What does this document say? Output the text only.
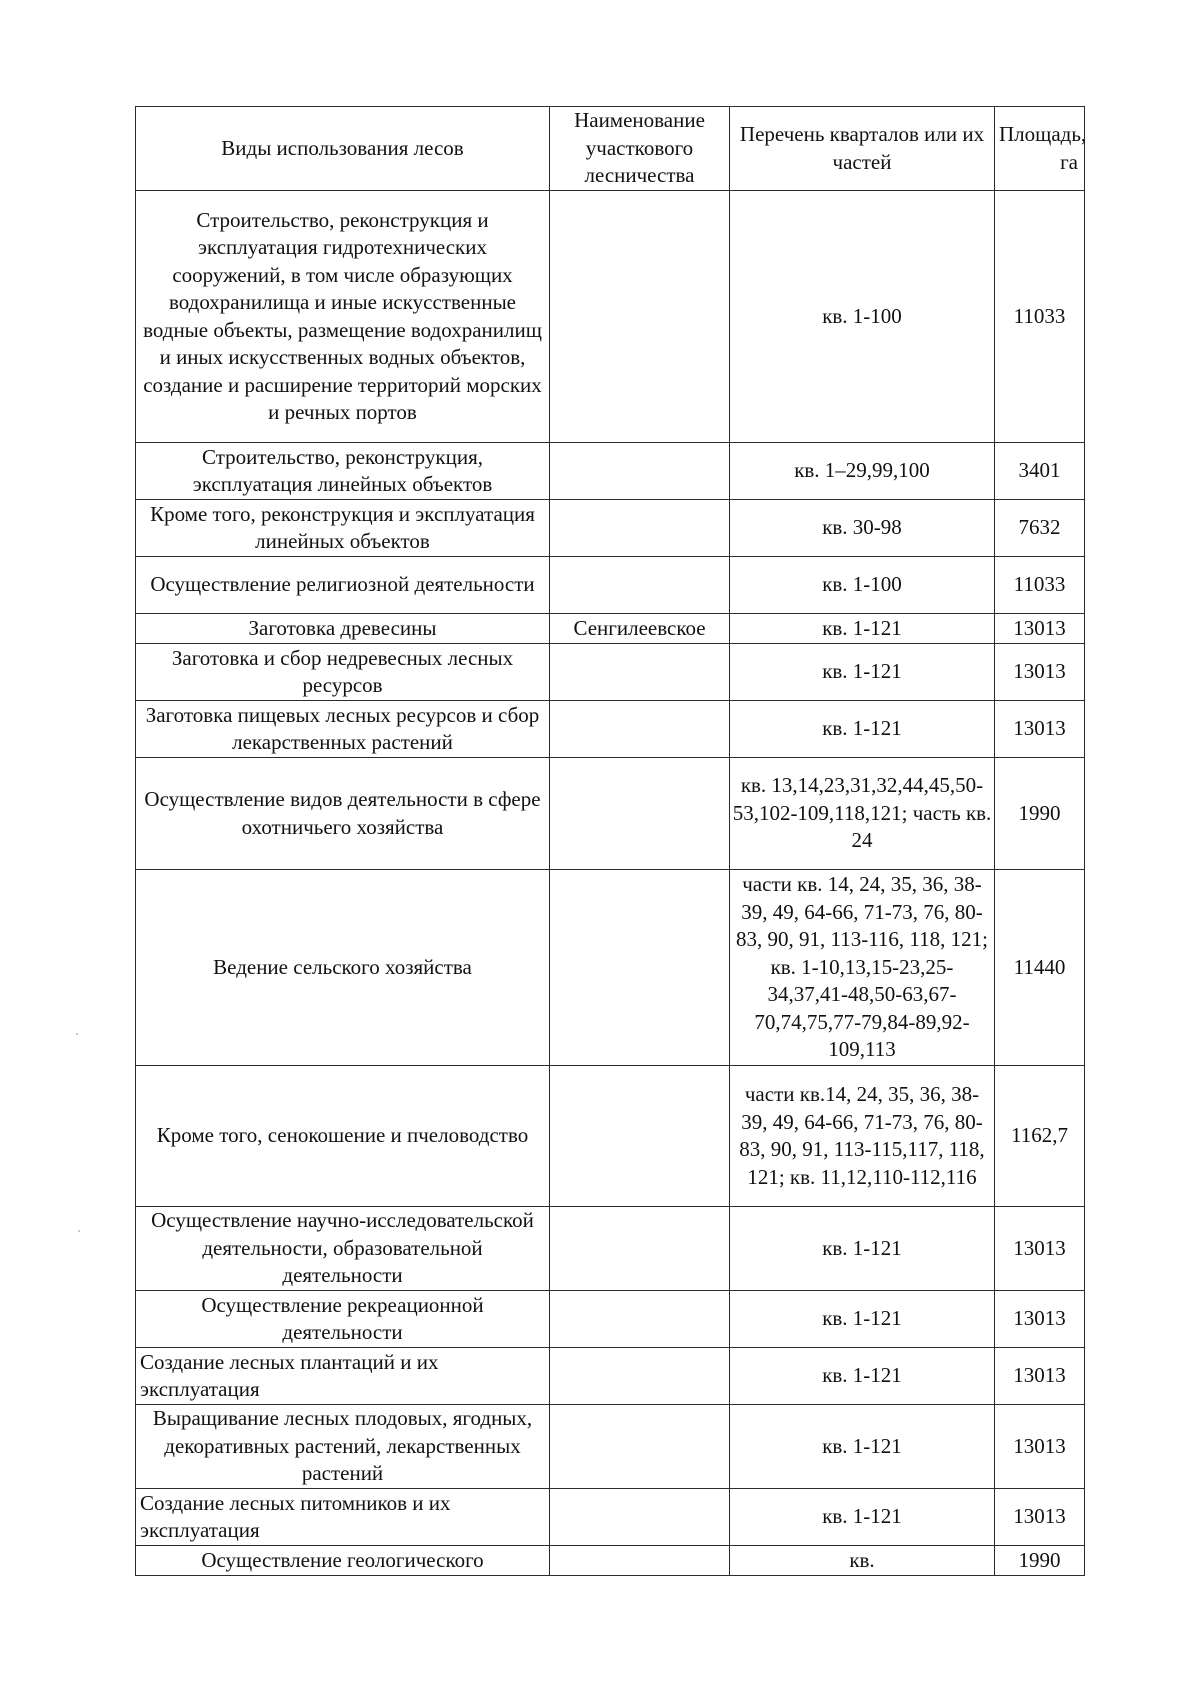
Виды использования лесов	Наименование участкового лесничества	Перечень кварталов или их частей	Площадь, га
Строительство, реконструкция и эксплуатация гидротехнических сооружений, в том числе образующих водохранилища и иные искусственные водные объекты, размещение водохранилищ и иных искусственных водных объектов, создание и расширение территорий морских и речных портов		кв. 1-100	11033
Строительство, реконструкция, эксплуатация линейных объектов		кв. 1–29,99,100	3401
Кроме того, реконструкция и эксплуатация линейных объектов		кв. 30-98	7632
Осуществление религиозной деятельности		кв. 1-100	11033
Заготовка древесины	Сенгилеевское	кв. 1-121	13013
Заготовка и сбор недревесных лесных ресурсов		кв. 1-121	13013
Заготовка пищевых лесных ресурсов и сбор лекарственных растений		кв. 1-121	13013
Осуществление видов деятельности в сфере охотничьего хозяйства		кв. 13,14,23,31,32,44,45,50-53,102-109,118,121; часть кв. 24	1990
Ведение сельского хозяйства		части кв. 14, 24, 35, 36, 38-39, 49, 64-66, 71-73, 76, 80-83, 90, 91, 113-116, 118, 121; кв. 1-10,13,15-23,25-34,37,41-48,50-63,67-70,74,75,77-79,84-89,92-109,113	11440
Кроме того, сенокошение и пчеловодство		части кв.14, 24, 35, 36, 38-39, 49, 64-66, 71-73, 76, 80-83, 90, 91, 113-115,117, 118, 121; кв. 11,12,110-112,116	1162,7
Осуществление научно-исследовательской деятельности, образовательной деятельности		кв. 1-121	13013
Осуществление рекреационной деятельности		кв. 1-121	13013
Создание лесных плантаций и их эксплуатация		кв. 1-121	13013
Выращивание лесных плодовых, ягодных, декоративных растений, лекарственных растений		кв. 1-121	13013
Создание лесных питомников и их эксплуатация		кв. 1-121	13013
Осуществление геологического		кв.	1990
